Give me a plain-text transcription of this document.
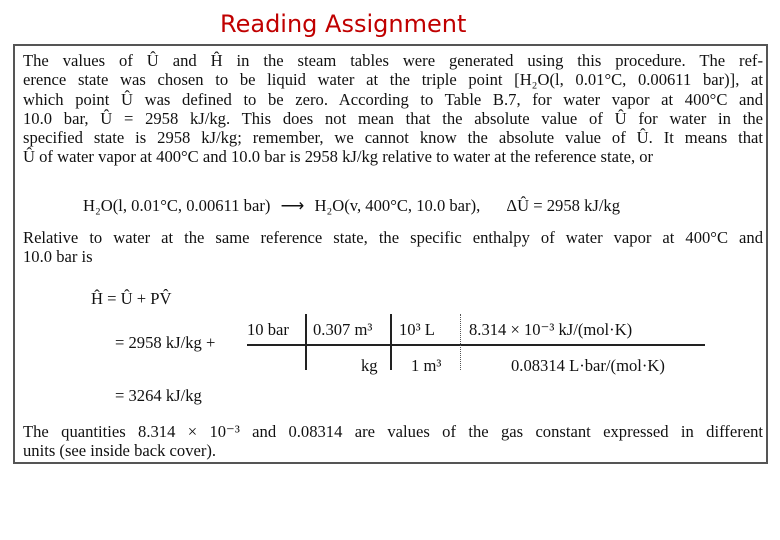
Reading Assignment

The values of Û and Ĥ in the steam tables were generated using this procedure. The ref-
erence state was chosen to be liquid water at the triple point [H₂O(l, 0.01°C, 0.00611 bar)], at
which point Û was defined to be zero. According to Table B.7, for water vapor at 400°C and
10.0 bar, Û = 2958 kJ/kg. This does not mean that the absolute value of Û for water in the
specified state is 2958 kJ/kg; remember, we cannot know the absolute value of Û. It means that
Û of water vapor at 400°C and 10.0 bar is 2958 kJ/kg relative to water at the reference state, or

H₂O(l, 0.01°C, 0.00611 bar) ⟶ H₂O(v, 400°C, 10.0 bar), ΔÛ = 2958 kJ/kg

Relative to water at the same reference state, the specific enthalpy of water vapor at 400°C and
10.0 bar is

Ĥ = Û + PV̂
= 2958 kJ/kg +
= 3264 kJ/kg
10 bar 0.307 m³
kg
10³ L
1 m³
8.314 × 10⁻³ kJ/(mol·K)
0.08314 L·bar/(mol·K)

The quantities 8.314 × 10⁻³ and 0.08314 are values of the gas constant expressed in different
units (see inside back cover).
